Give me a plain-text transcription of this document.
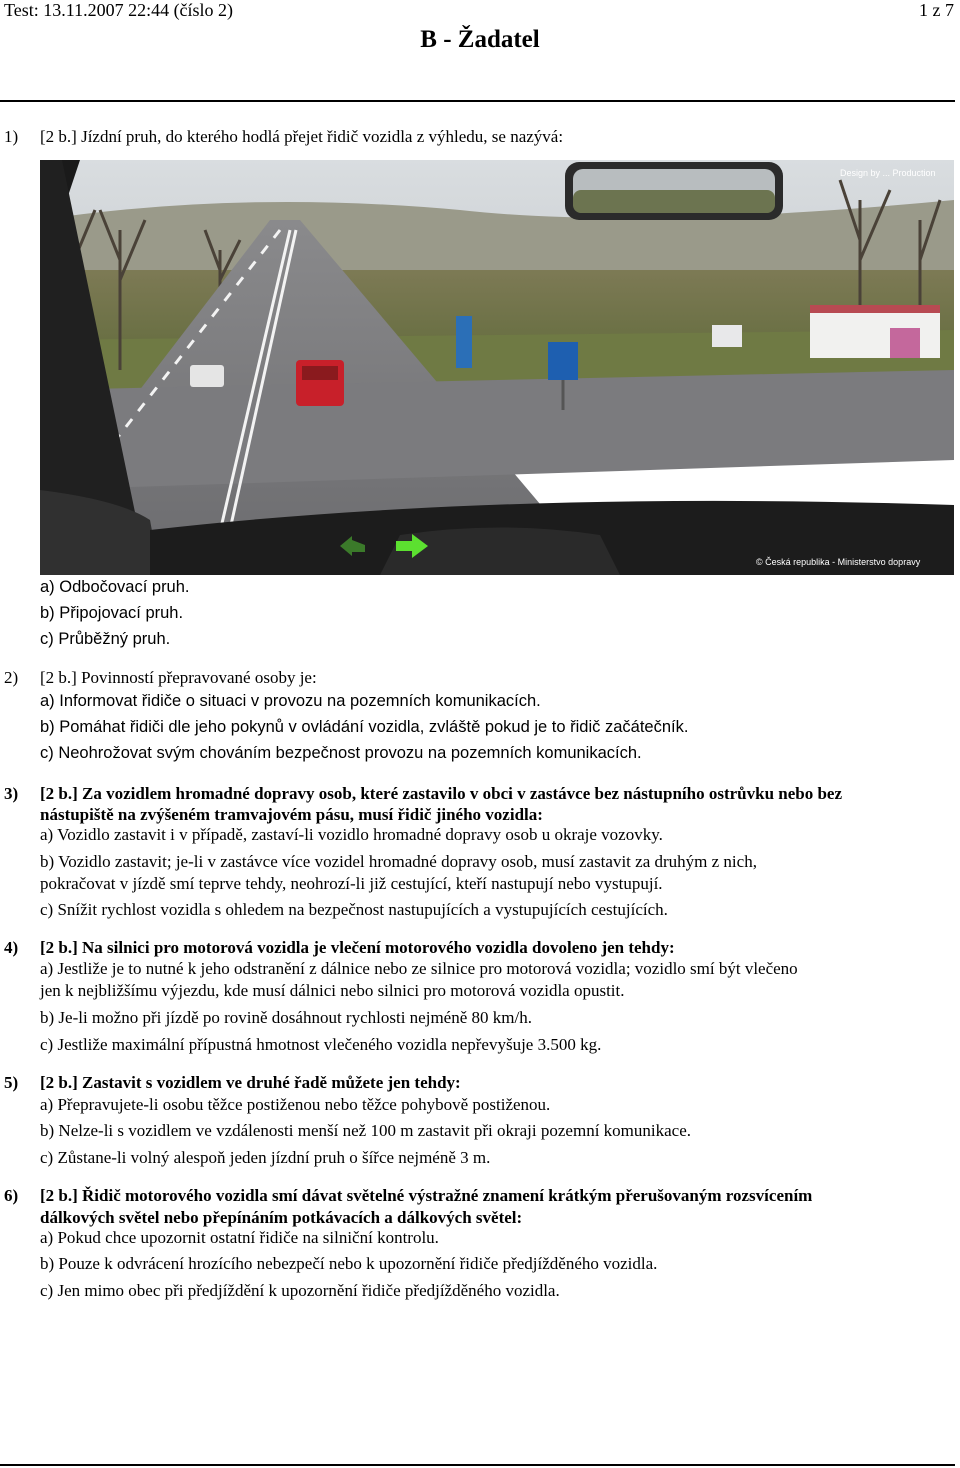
Test: 13.11.2007 22:44 (číslo 2)	1 z 7
B - Žadatel
1) [2 b.] Jízdní pruh, do kterého hodlá přejet řidič vozidla z výhledu, se nazývá:
Design by ... Production
© Česká republika - Ministerstvo dopravy
a) Odbočovací pruh.
b) Připojovací pruh.
c) Průběžný pruh.
2) [2 b.] Povinností přepravované osoby je:
a) Informovat řidiče o situaci v provozu na pozemních komunikacích.
b) Pomáhat řidiči dle jeho pokynů v ovládání vozidla, zvláště pokud je to řidič začátečník.
c) Neohrožovat svým chováním bezpečnost provozu na pozemních komunikacích.
3) [2 b.] Za vozidlem hromadné dopravy osob, které zastavilo v obci v zastávce bez nástupního ostrůvku nebo bez
nástupiště na zvýšeném tramvajovém pásu, musí řidič jiného vozidla:
a) Vozidlo zastavit i v případě, zastaví-li vozidlo hromadné dopravy osob u okraje vozovky.
b) Vozidlo zastavit; je-li v zastávce více vozidel hromadné dopravy osob, musí zastavit za druhým z nich,
pokračovat v jízdě smí teprve tehdy, neohrozí-li již cestující, kteří nastupují nebo vystupují.
c) Snížit rychlost vozidla s ohledem na bezpečnost nastupujících a vystupujících cestujících.
4) [2 b.] Na silnici pro motorová vozidla je vlečení motorového vozidla dovoleno jen tehdy:
a) Jestliže je to nutné k jeho odstranění z dálnice nebo ze silnice pro motorová vozidla; vozidlo smí být vlečeno
jen k nejbližšímu výjezdu, kde musí dálnici nebo silnici pro motorová vozidla opustit.
b) Je-li možno při jízdě po rovině dosáhnout rychlosti nejméně 80 km/h.
c) Jestliže maximální přípustná hmotnost vlečeného vozidla nepřevyšuje 3.500 kg.
5) [2 b.] Zastavit s vozidlem ve druhé řadě můžete jen tehdy:
a) Přepravujete-li osobu těžce postiženou nebo těžce pohybově postiženou.
b) Nelze-li s vozidlem ve vzdálenosti menší než 100 m zastavit při okraji pozemní komunikace.
c) Zůstane-li volný alespoň jeden jízdní pruh o šířce nejméně 3 m.
6) [2 b.] Řidič motorového vozidla smí dávat světelné výstražné znamení krátkým přerušovaným rozsvícením
dálkových světel nebo přepínáním potkávacích a dálkových světel:
a) Pokud chce upozornit ostatní řidiče na silniční kontrolu.
b) Pouze k odvrácení hrozícího nebezpečí nebo k upozornění řidiče předjížděného vozidla.
c) Jen mimo obec při předjíždění k upozornění řidiče předjížděného vozidla.
